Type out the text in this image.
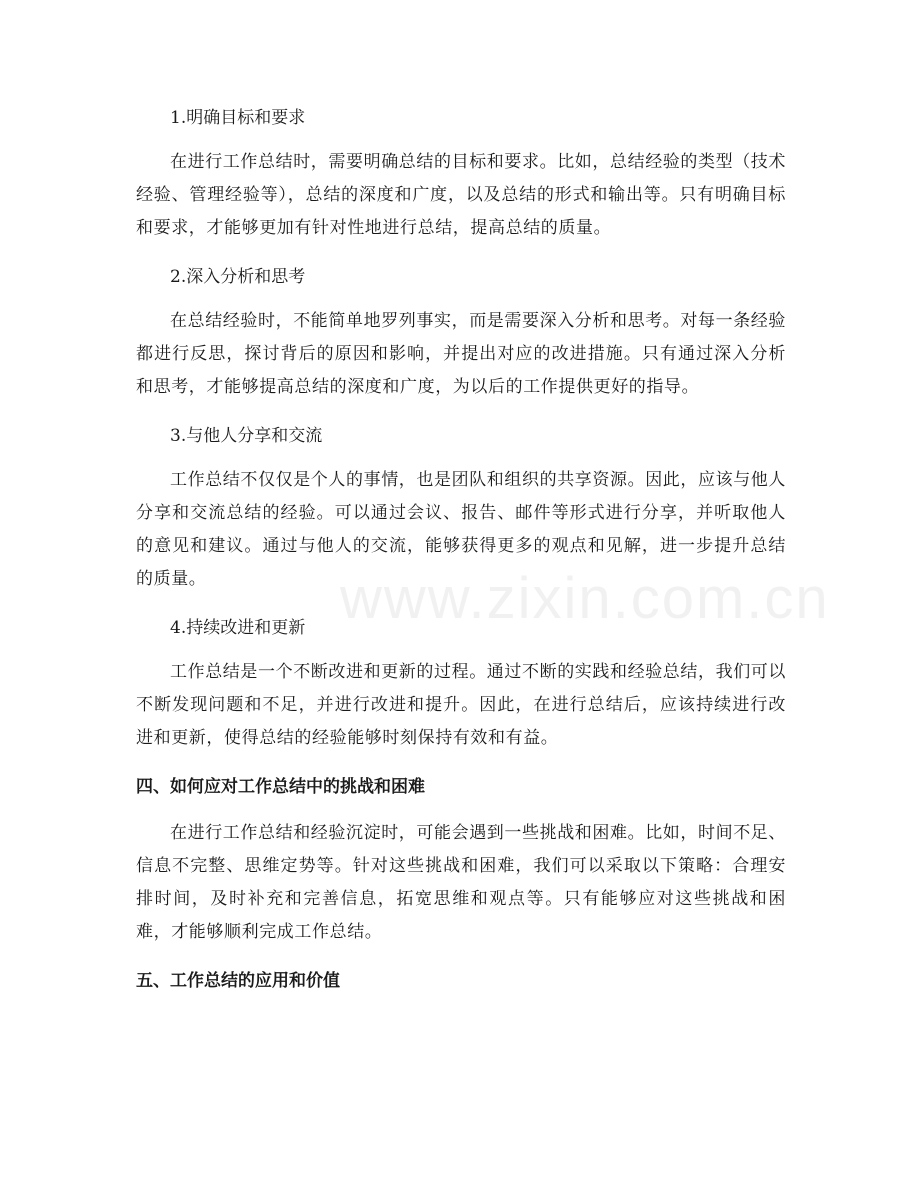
www.zixin.com.cn

1.明确目标和要求

在进行工作总结时，需要明确总结的目标和要求。比如，总结经验的类型（技术经验、管理经验等），总结的深度和广度，以及总结的形式和输出等。只有明确目标和要求，才能够更加有针对性地进行总结，提高总结的质量。

2.深入分析和思考

在总结经验时，不能简单地罗列事实，而是需要深入分析和思考。对每一条经验都进行反思，探讨背后的原因和影响，并提出对应的改进措施。只有通过深入分析和思考，才能够提高总结的深度和广度，为以后的工作提供更好的指导。

3.与他人分享和交流

工作总结不仅仅是个人的事情，也是团队和组织的共享资源。因此，应该与他人分享和交流总结的经验。可以通过会议、报告、邮件等形式进行分享，并听取他人的意见和建议。通过与他人的交流，能够获得更多的观点和见解，进一步提升总结的质量。

4.持续改进和更新

工作总结是一个不断改进和更新的过程。通过不断的实践和经验总结，我们可以不断发现问题和不足，并进行改进和提升。因此，在进行总结后，应该持续进行改进和更新，使得总结的经验能够时刻保持有效和有益。

四、如何应对工作总结中的挑战和困难

在进行工作总结和经验沉淀时，可能会遇到一些挑战和困难。比如，时间不足、信息不完整、思维定势等。针对这些挑战和困难，我们可以采取以下策略：合理安排时间，及时补充和完善信息，拓宽思维和观点等。只有能够应对这些挑战和困难，才能够顺利完成工作总结。

五、工作总结的应用和价值
